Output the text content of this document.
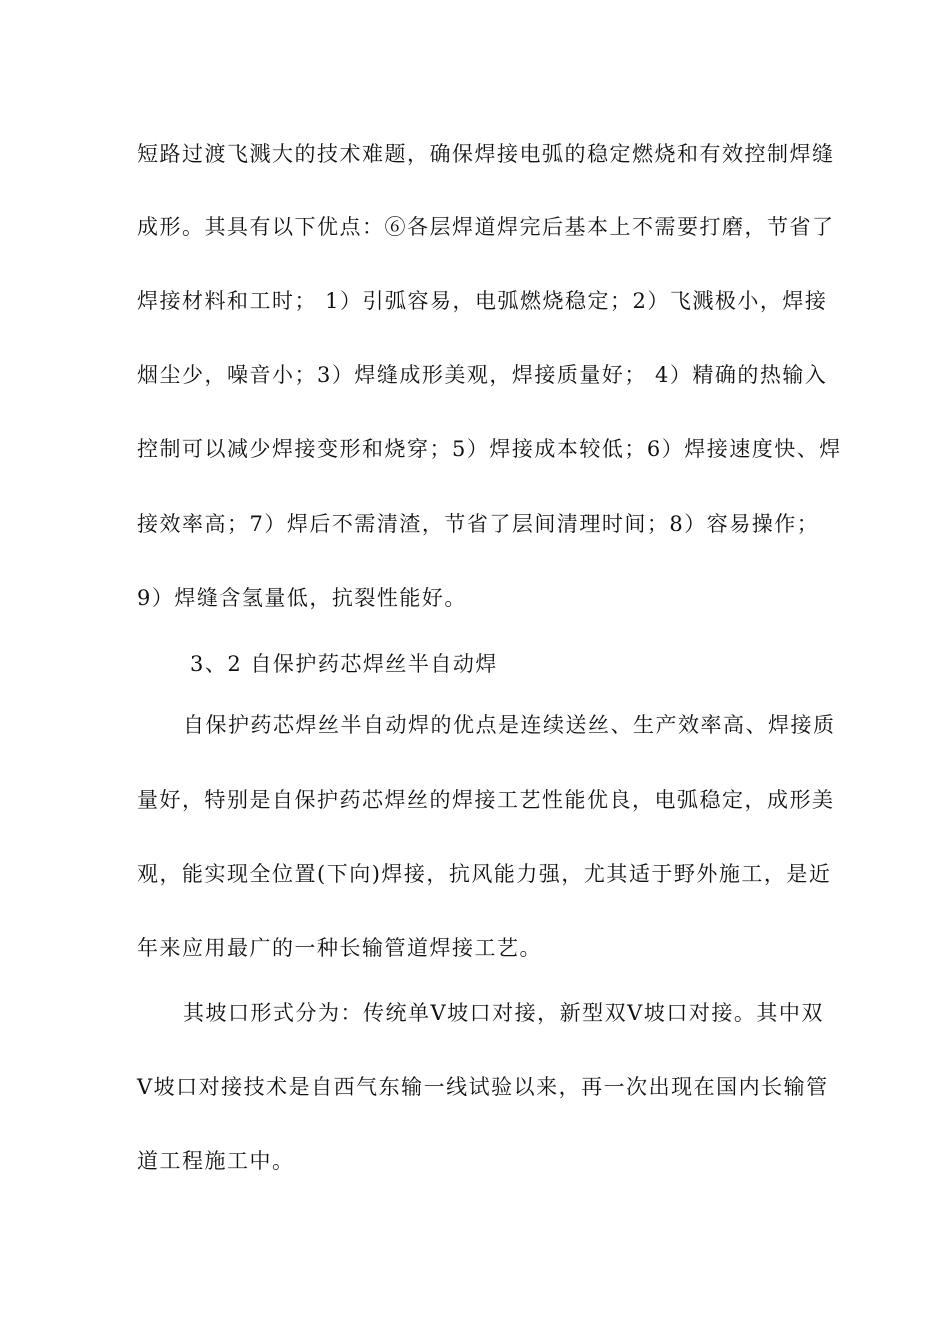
短路过渡飞溅大的技术难题，确保焊接电弧的稳定燃烧和有效控制焊缝
成形。其具有以下优点：⑥各层焊道焊完后基本上不需要打磨，节省了
焊接材料和工时； 1）引弧容易，电弧燃烧稳定；2）飞溅极小，焊接
烟尘少，噪音小；3）焊缝成形美观，焊接质量好； 4）精确的热输入
控制可以减少焊接变形和烧穿；5）焊接成本较低；6）焊接速度快、焊
接效率高；7）焊后不需清渣，节省了层间清理时间；8）容易操作；
9）焊缝含氢量低，抗裂性能好。
3、2 自保护药芯焊丝半自动焊
自保护药芯焊丝半自动焊的优点是连续送丝、生产效率高、焊接质
量好，特别是自保护药芯焊丝的焊接工艺性能优良，电弧稳定，成形美
观，能实现全位置(下向)焊接，抗风能力强，尤其适于野外施工，是近
年来应用最广的一种长输管道焊接工艺。
其坡口形式分为：传统单Ⅴ坡口对接，新型双Ⅴ坡口对接。其中双
Ⅴ坡口对接技术是自西气东输一线试验以来，再一次出现在国内长输管
道工程施工中。
